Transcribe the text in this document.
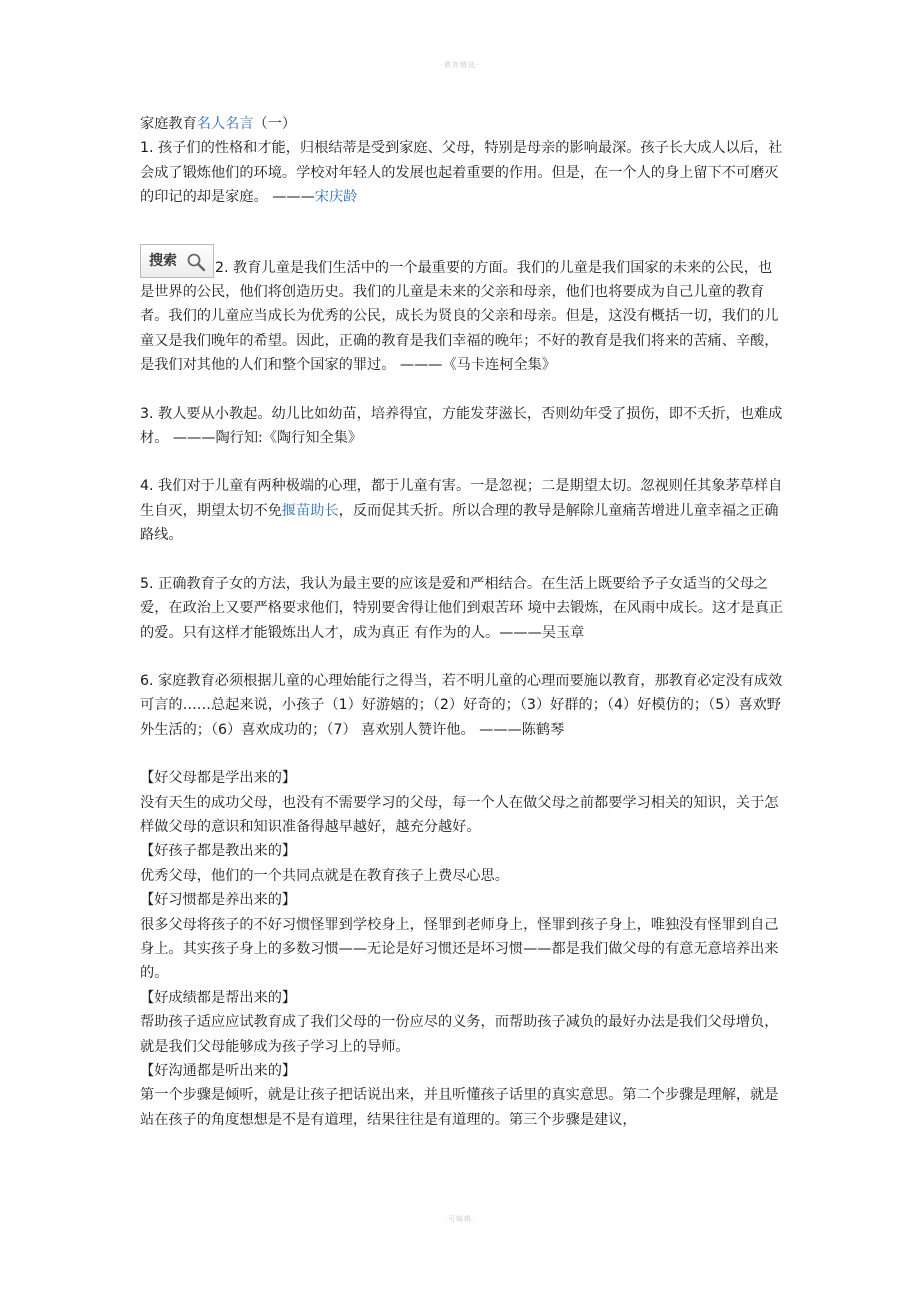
·教育精选·

家庭教育名人名言（一）

1. 孩子们的性格和才能，归根结蒂是受到家庭、父母，特别是母亲的影响最深。孩子长大成人以后，社会成了锻炼他们的环境。学校对年轻人的发展也起着重要的作用。但是，在一个人的身上留下不可磨灭的印记的却是家庭。 ———宋庆龄

搜索	2. 教育儿童是我们生活中的一个最重要的方面。我们的儿童是我们国家的未来的公民，也是世界的公民，他们将创造历史。我们的儿童是未来的父亲和母亲，他们也将要成为自己儿童的教育者。我们的儿童应当成长为优秀的公民，成长为贤良的父亲和母亲。但是，这没有概括一切，我们的儿童又是我们晚年的希望。因此，正确的教育是我们幸福的晚年；不好的教育是我们将来的苦痛、辛酸，是我们对其他的人们和整个国家的罪过。 ———《马卡连柯全集》

3. 教人要从小教起。幼儿比如幼苗，培养得宜，方能发芽滋长，否则幼年受了损伤，即不夭折，也难成材。 ———陶行知:《陶行知全集》

4. 我们对于儿童有两种极端的心理，都于儿童有害。一是忽视；二是期望太切。忽视则任其象茅草样自生自灭，期望太切不免揠苗助长，反而促其夭折。所以合理的教导是解除儿童痛苦增进儿童幸福之正确路线。

5. 正确教育子女的方法，我认为最主要的应该是爱和严相结合。在生活上既要给予子女适当的父母之爱，在政治上又要严格要求他们，特别要舍得让他们到艰苦环 境中去锻炼，在风雨中成长。这才是真正的爱。只有这样才能锻炼出人才，成为真正 有作为的人。———吴玉章

6. 家庭教育必须根据儿童的心理始能行之得当，若不明儿童的心理而要施以教育，那教育必定没有成效可言的……总起来说，小孩子（1）好游嬉的；（2）好奇的；（3）好群的；（4）好模仿的；（5）喜欢野外生活的；（6）喜欢成功的；（7） 喜欢别人赞许他。 ———陈鹤琴

【好父母都是学出来的】

没有天生的成功父母，也没有不需要学习的父母，每一个人在做父母之前都要学习相关的知识，关于怎样做父母的意识和知识准备得越早越好，越充分越好。

【好孩子都是教出来的】

优秀父母，他们的一个共同点就是在教育孩子上费尽心思。

【好习惯都是养出来的】

很多父母将孩子的不好习惯怪罪到学校身上，怪罪到老师身上，怪罪到孩子身上，唯独没有怪罪到自己身上。其实孩子身上的多数习惯——无论是好习惯还是坏习惯——都是我们做父母的有意无意培养出来的。

【好成绩都是帮出来的】

帮助孩子适应应试教育成了我们父母的一份应尽的义务，而帮助孩子减负的最好办法是我们父母增负，就是我们父母能够成为孩子学习上的导师。

【好沟通都是听出来的】

第一个步骤是倾听，就是让孩子把话说出来，并且听懂孩子话里的真实意思。第二个步骤是理解，就是站在孩子的角度想想是不是有道理，结果往往是有道理的。第三个步骤是建议，

·可编辑·
